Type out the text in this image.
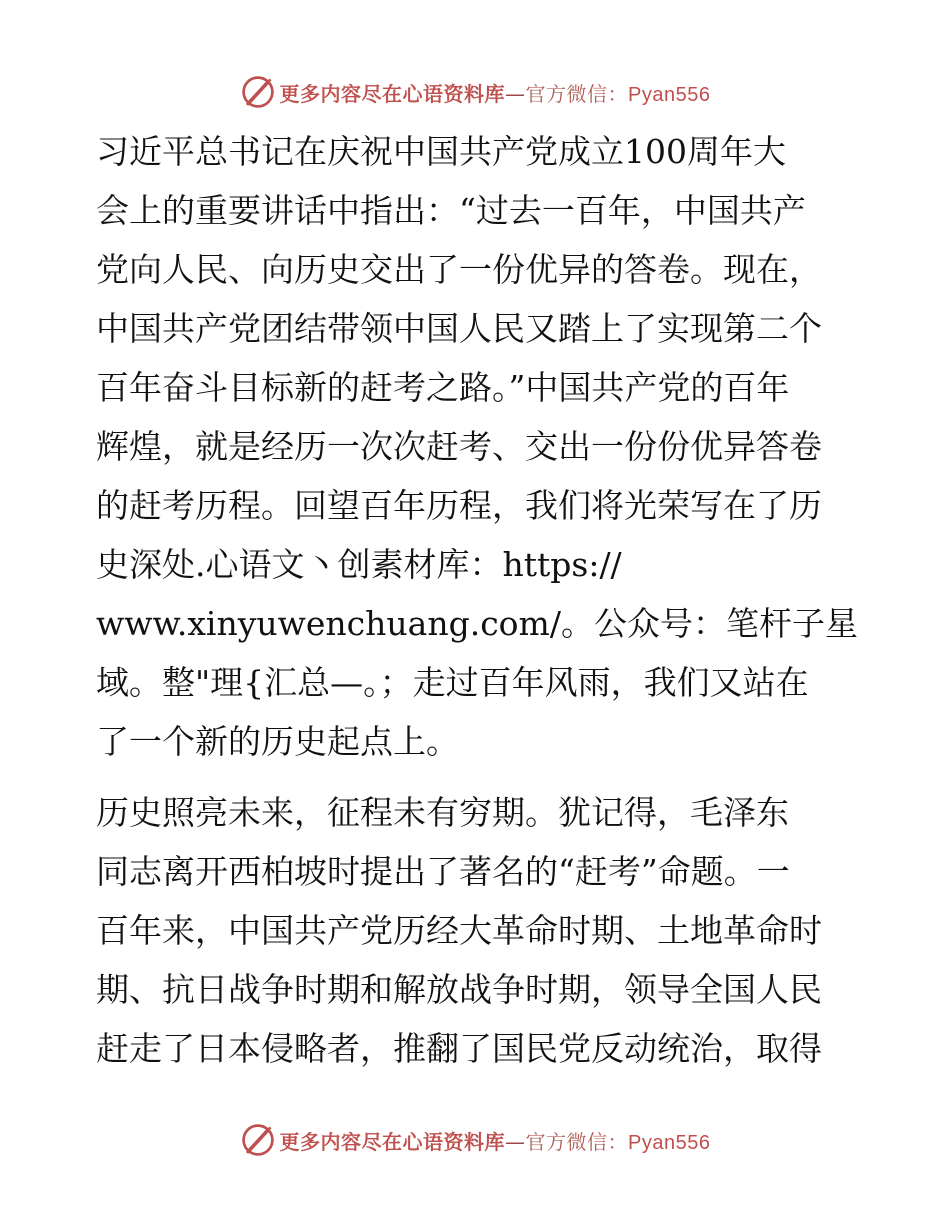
更多内容尽在心语资料库—官方微信：Pyan556
习近平总书记在庆祝中国共产党成立100周年大
会上的重要讲话中指出：“过去一百年，中国共产
党向人民、向历史交出了一份优异的答卷。现在，
中国共产党团结带领中国人民又踏上了实现第二个
百年奋斗目标新的赶考之路。”中国共产党的百年
辉煌，就是经历一次次赶考、交出一份份优异答卷
的赶考历程。回望百年历程，我们将光荣写在了历
史深处.心语文丶创素材库：https://
www.xinyuwenchuang.com/。公众号：笔杆子星
域。整"理{汇总—。；走过百年风雨，我们又站在
了一个新的历史起点上。
历史照亮未来，征程未有穷期。犹记得，毛泽东
同志离开西柏坡时提出了著名的“赶考”命题。一
百年来，中国共产党历经大革命时期、土地革命时
期、抗日战争时期和解放战争时期，领导全国人民
赶走了日本侵略者，推翻了国民党反动统治，取得
更多内容尽在心语资料库—官方微信：Pyan556
